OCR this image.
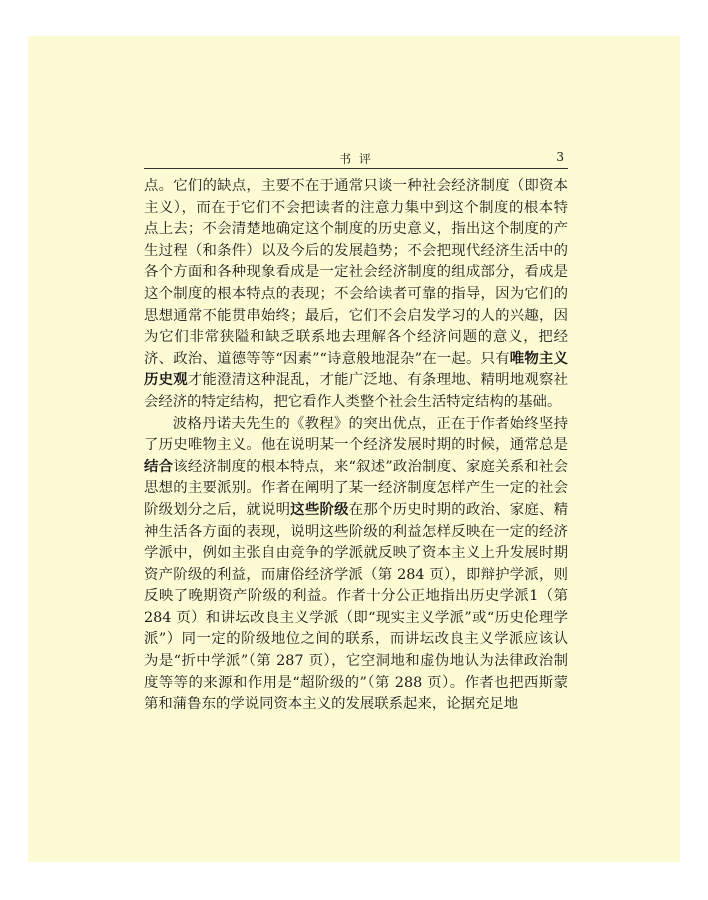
书 评	3

点。它们的缺点，主要不在于通常只谈一种社会经济制度（即资本主义），而在于它们不会把读者的注意力集中到这个制度的根本特点上去；不会清楚地确定这个制度的历史意义，指出这个制度的产生过程（和条件）以及今后的发展趋势；不会把现代经济生活中的各个方面和各种现象看成是一定社会经济制度的组成部分，看成是这个制度的根本特点的表现；不会给读者可靠的指导，因为它们的思想通常不能贯串始终；最后，它们不会启发学习的人的兴趣，因为它们非常狭隘和缺乏联系地去理解各个经济问题的意义，把经济、政治、道德等等“因素”“诗意般地混杂”在一起。只有唯物主义历史观才能澄清这种混乱，才能广泛地、有条理地、精明地观察社会经济的特定结构，把它看作人类整个社会生活特定结构的基础。

波格丹诺夫先生的《教程》的突出优点，正在于作者始终坚持了历史唯物主义。他在说明某一个经济发展时期的时候，通常总是结合该经济制度的根本特点，来“叙述”政治制度、家庭关系和社会思想的主要派别。作者在阐明了某一经济制度怎样产生一定的社会阶级划分之后，就说明这些阶级在那个历史时期的政治、家庭、精神生活各方面的表现，说明这些阶级的利益怎样反映在一定的经济学派中，例如主张自由竞争的学派就反映了资本主义上升发展时期资产阶级的利益，而庸俗经济学派（第 284 页），即辩护学派，则反映了晚期资产阶级的利益。作者十分公正地指出历史学派1（第 284 页）和讲坛改良主义学派（即“现实主义学派”或“历史伦理学派”）同一定的阶级地位之间的联系，而讲坛改良主义学派应该认为是“折中学派”（第 287 页），它空洞地和虚伪地认为法律政治制度等等的来源和作用是“超阶级的”（第 288 页）。作者也把西斯蒙第和蒲鲁东的学说同资本主义的发展联系起来，论据充足地
